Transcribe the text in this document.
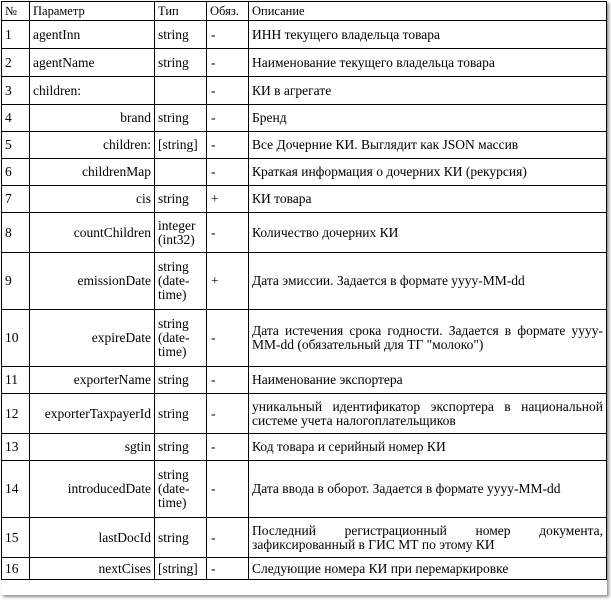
№	Параметр	Тип	Обяз.	Описание
1	agentInn	string	-	ИНН текущего владельца товара
2	agentName	string	-	Наименование текущего владельца товара
3	children:		-	КИ в агрегате
4	brand	string	-	Бренд
5	children:	[string]	-	Все Дочерние КИ. Выглядит как JSON массив
6	childrenMap		-	Краткая информация о дочерних КИ (рекурсия)
7	cis	string	+	КИ товара
8	countChildren	integer (int32)	-	Количество дочерних КИ
9	emissionDate	string (date-time)	+	Дата эмиссии. Задается в формате yyyy-MM-dd
10	expireDate	string (date-time)	-	Дата истечения срока годности. Задается в формате yyyy-MM-dd (обязательный для ТГ "молоко")
11	exporterName	string	-	Наименование экспортера
12	exporterTaxpayerId	string	-	уникальный идентификатор экспортера в национальной системе учета налогоплательщиков
13	sgtin	string	-	Код товара и серийный номер КИ
14	introducedDate	string (date-time)	-	Дата ввода в оборот. Задается в формате yyyy-MM-dd
15	lastDocId	string	-	Последний регистрационный номер документа, зафиксированный в ГИС МТ по этому КИ
16	nextCises	[string]	-	Следующие номера КИ при перемаркировке
